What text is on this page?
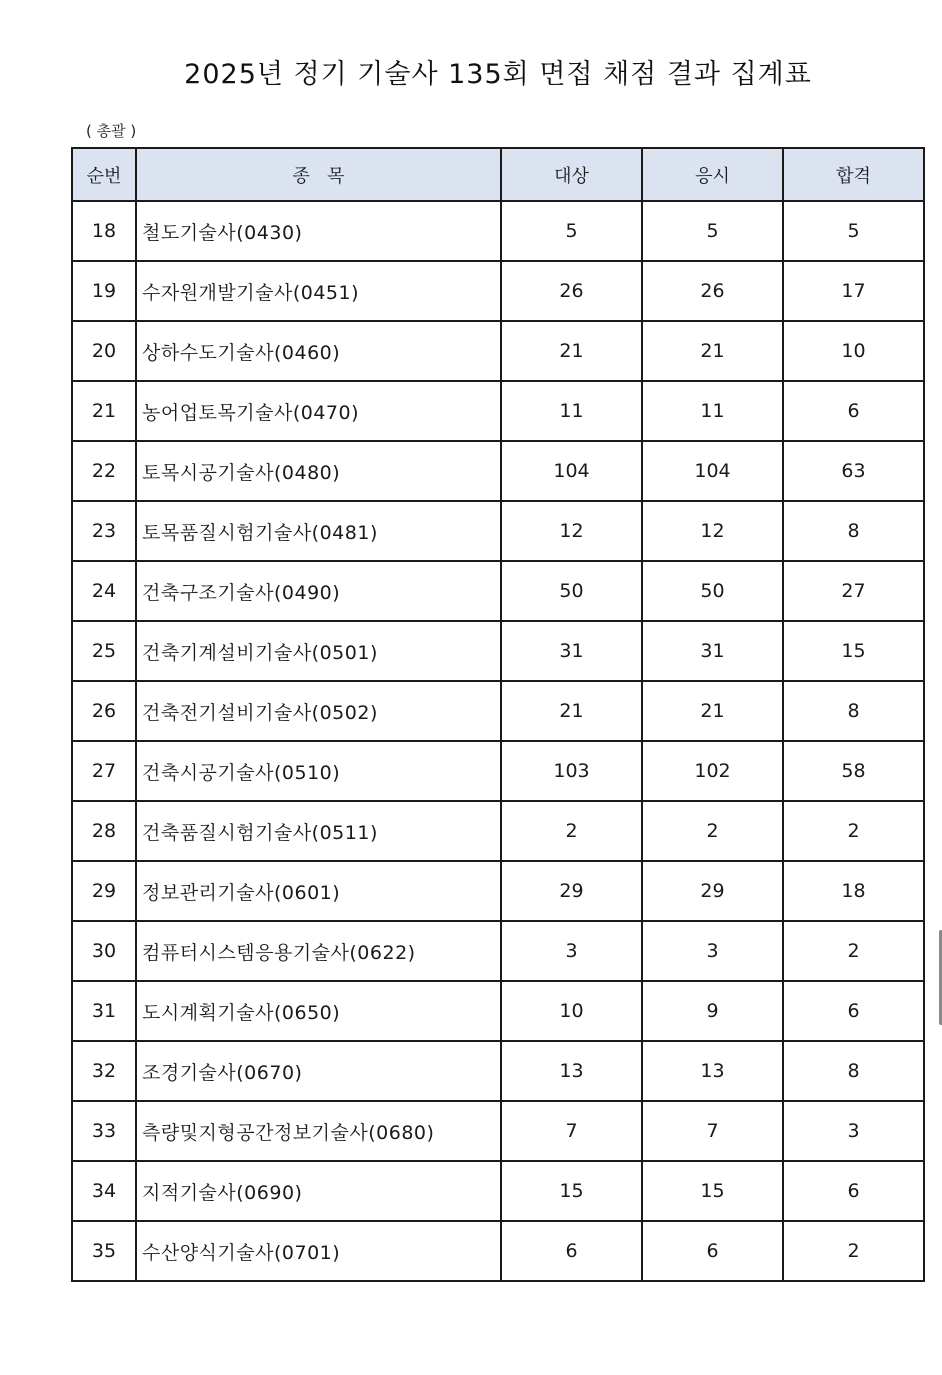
2025년 정기 기술사 135회 면접 채점 결과 집계표
( 총괄 )
순번	종   목	대상	응시	합격
18	철도기술사(0430)	5	5	5
19	수자원개발기술사(0451)	26	26	17
20	상하수도기술사(0460)	21	21	10
21	농어업토목기술사(0470)	11	11	6
22	토목시공기술사(0480)	104	104	63
23	토목품질시험기술사(0481)	12	12	8
24	건축구조기술사(0490)	50	50	27
25	건축기계설비기술사(0501)	31	31	15
26	건축전기설비기술사(0502)	21	21	8
27	건축시공기술사(0510)	103	102	58
28	건축품질시험기술사(0511)	2	2	2
29	정보관리기술사(0601)	29	29	18
30	컴퓨터시스템응용기술사(0622)	3	3	2
31	도시계획기술사(0650)	10	9	6
32	조경기술사(0670)	13	13	8
33	측량및지형공간정보기술사(0680)	7	7	3
34	지적기술사(0690)	15	15	6
35	수산양식기술사(0701)	6	6	2
